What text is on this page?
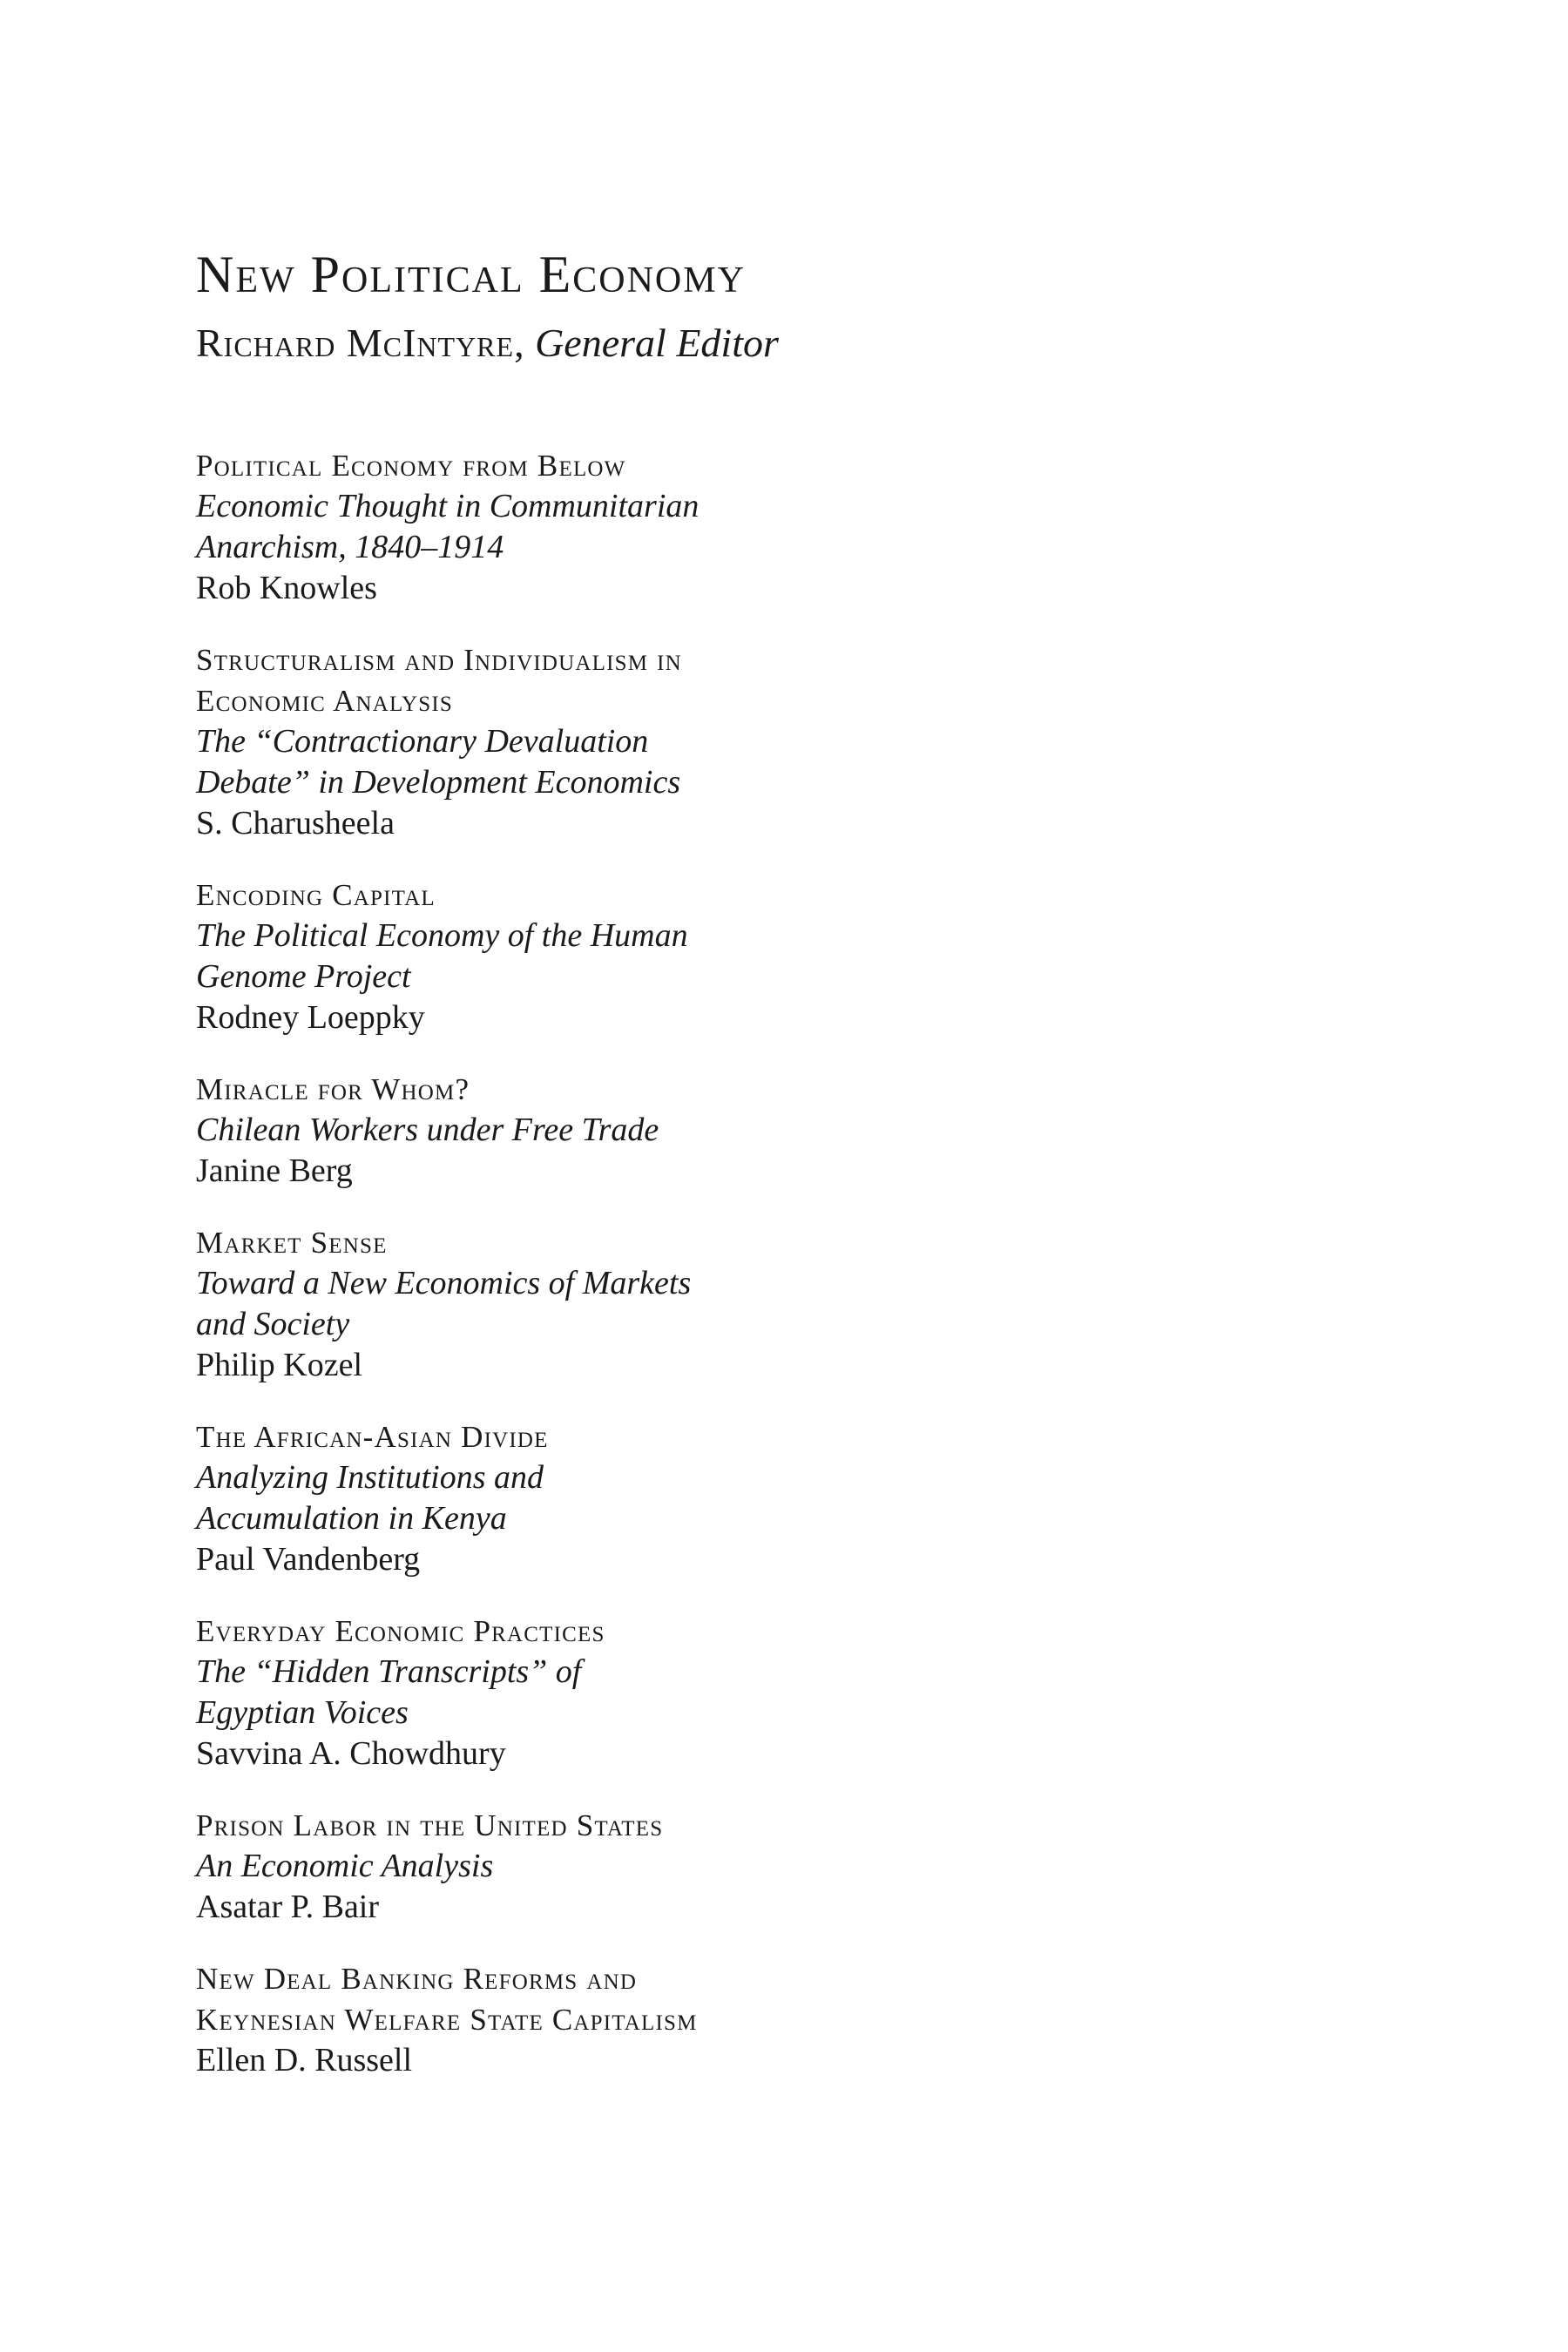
New Political Economy
Richard McIntyre, General Editor
Political Economy from Below
Economic Thought in Communitarian
Anarchism, 1840–1914
Rob Knowles
Structuralism and Individualism in
Economic Analysis
The “Contractionary Devaluation
Debate” in Development Economics
S. Charusheela
Encoding Capital
The Political Economy of the Human
Genome Project
Rodney Loeppky
Miracle for Whom?
Chilean Workers under Free Trade
Janine Berg
Market Sense
Toward a New Economics of Markets
and Society
Philip Kozel
The African-Asian Divide
Analyzing Institutions and
Accumulation in Kenya
Paul Vandenberg
Everyday Economic Practices
The “Hidden Transcripts” of
Egyptian Voices
Savvina A. Chowdhury
Prison Labor in the United States
An Economic Analysis
Asatar P. Bair
New Deal Banking Reforms and
Keynesian Welfare State Capitalism
Ellen D. Russell
